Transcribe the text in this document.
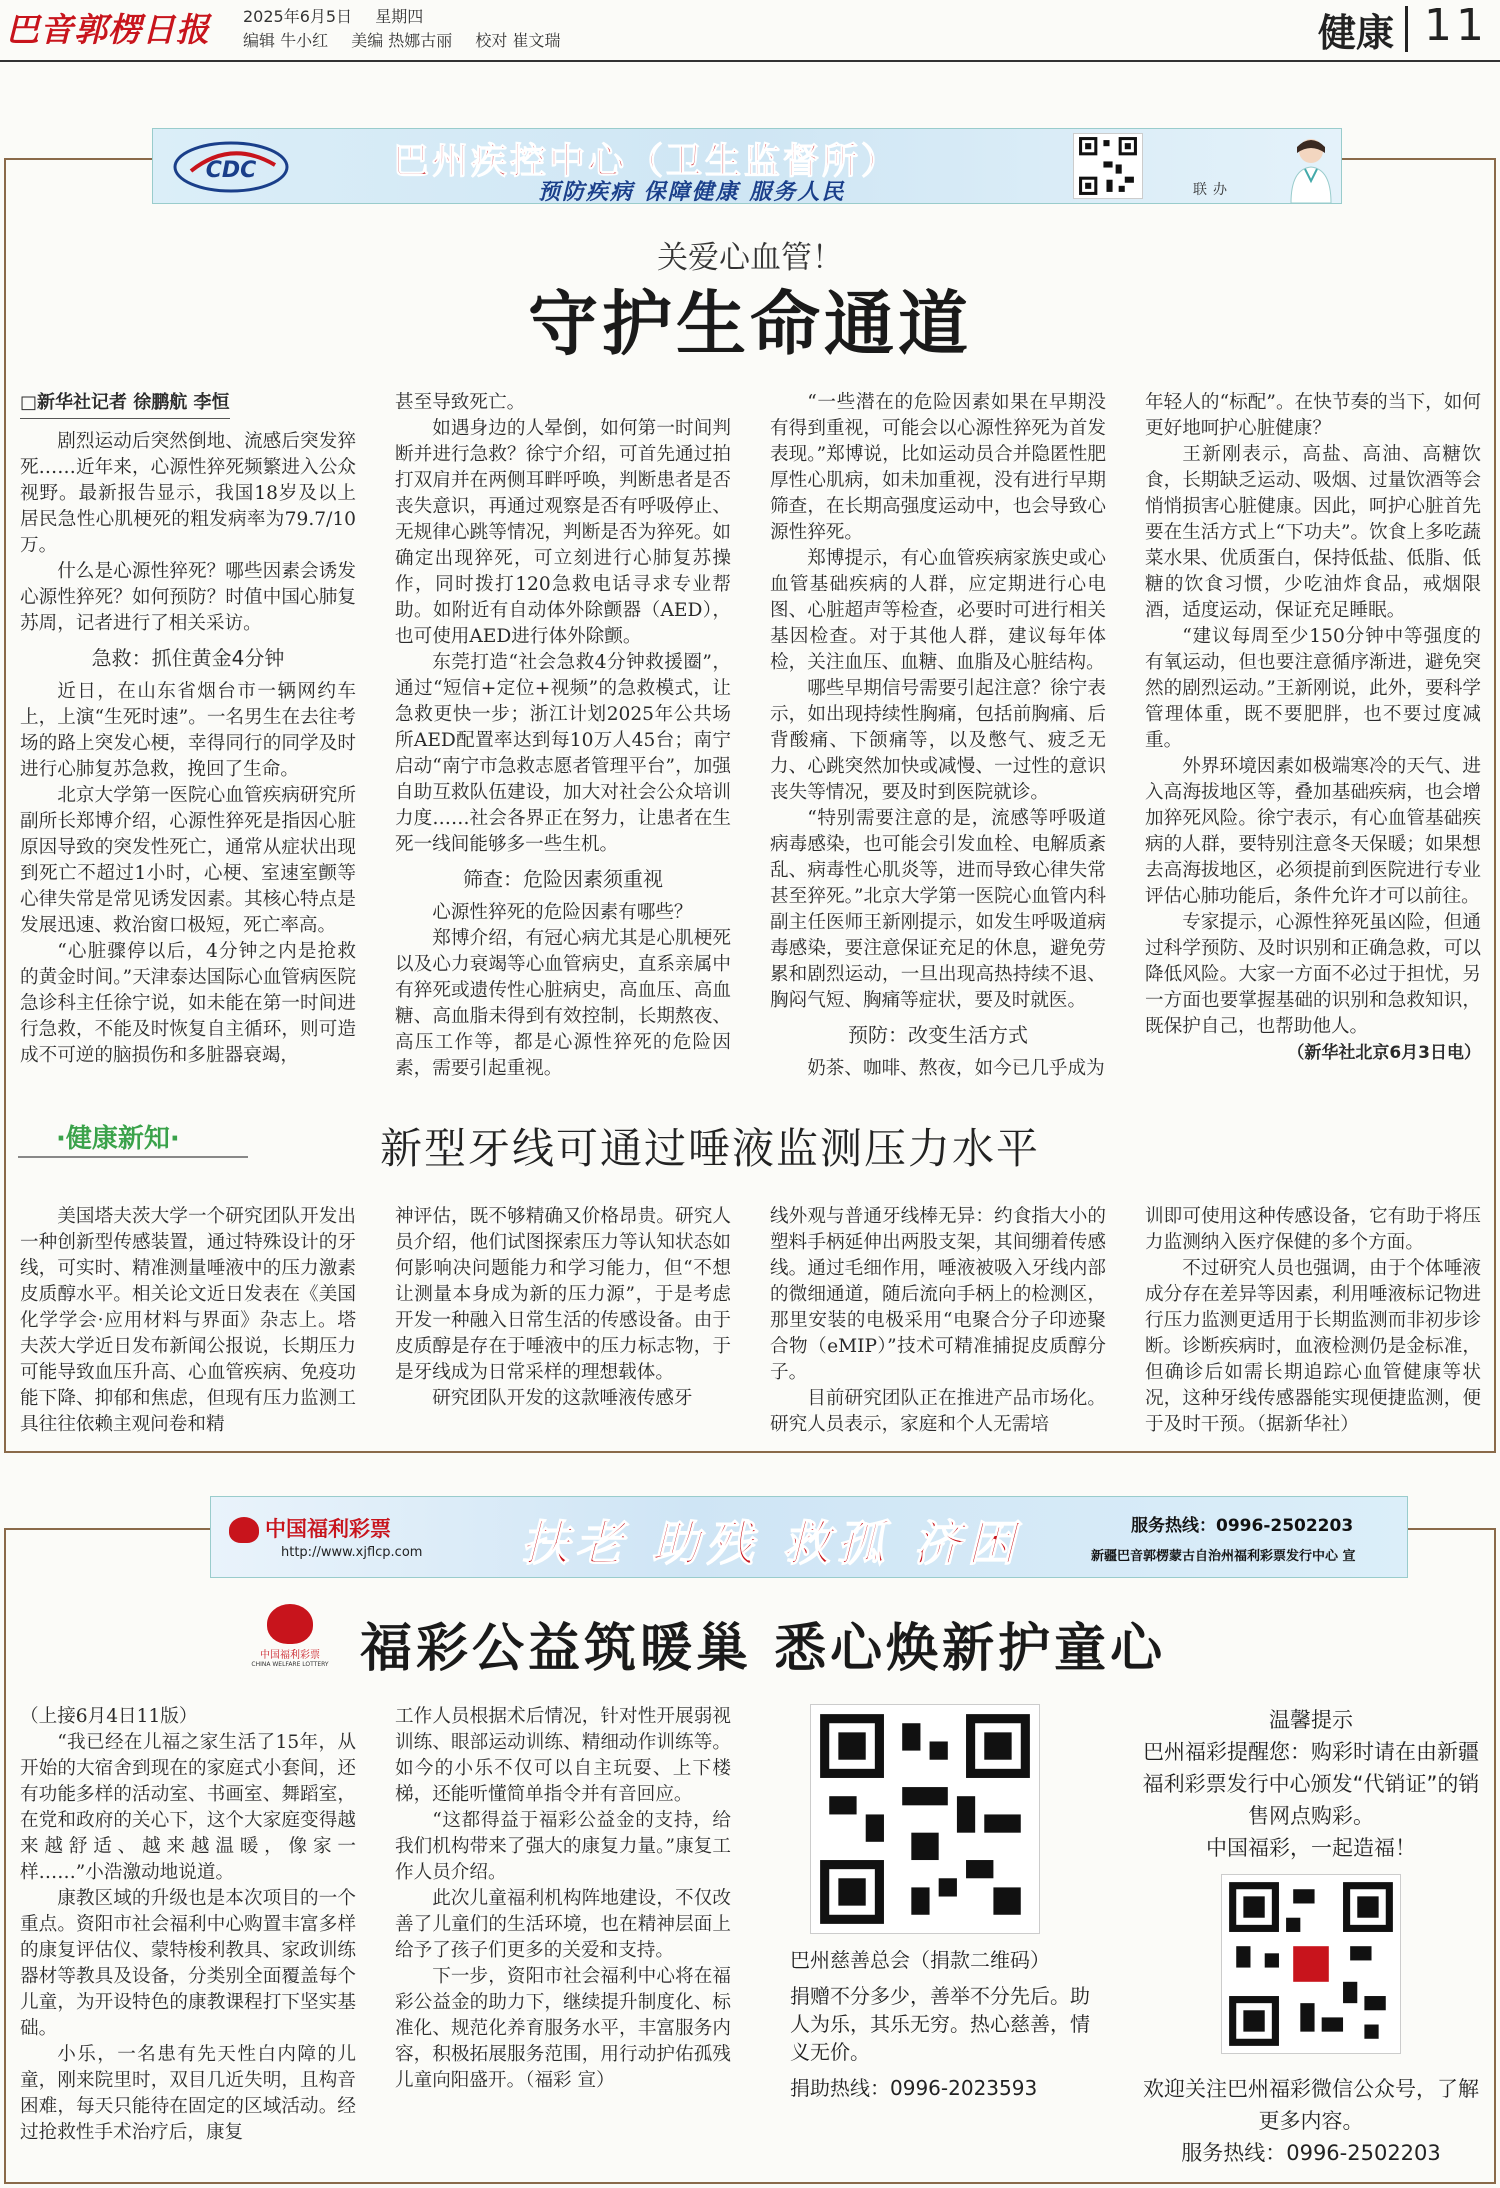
巴音郭楞日报 2025年6月5日 星期四
编辑 牛小红 美编 热娜古丽 校对 崔文瑞	健康 11
CDC	巴州疾控中心（卫生监督所）
预防疾病 保障健康 服务人民	联办
关爱心血管！
守护生命通道

□新华社记者 徐鹏航 李恒

剧烈运动后突然倒地、流感后突发猝死……近年来，心源性猝死频繁进入公众视野。最新报告显示，我国18岁及以上居民急性心肌梗死的粗发病率为79.7/10万。

什么是心源性猝死？哪些因素会诱发心源性猝死？如何预防？时值中国心肺复苏周，记者进行了相关采访。

急救：抓住黄金4分钟

近日，在山东省烟台市一辆网约车上，上演“生死时速”。一名男生在去往考场的路上突发心梗，幸得同行的同学及时进行心肺复苏急救，挽回了生命。

北京大学第一医院心血管疾病研究所副所长郑博介绍，心源性猝死是指因心脏原因导致的突发性死亡，通常从症状出现到死亡不超过1小时，心梗、室速室颤等心律失常是常见诱发因素。其核心特点是发展迅速、救治窗口极短，死亡率高。

“心脏骤停以后，4分钟之内是抢救的黄金时间。”天津泰达国际心血管病医院急诊科主任徐宁说，如未能在第一时间进行急救，不能及时恢复自主循环，则可造成不可逆的脑损伤和多脏器衰竭，

甚至导致死亡。

如遇身边的人晕倒，如何第一时间判断并进行急救？徐宁介绍，可首先通过拍打双肩并在两侧耳畔呼唤，判断患者是否丧失意识，再通过观察是否有呼吸停止、无规律心跳等情况，判断是否为猝死。如确定出现猝死，可立刻进行心肺复苏操作，同时拨打120急救电话寻求专业帮助。如附近有自动体外除颤器（AED），也可使用AED进行体外除颤。

东莞打造“社会急救4分钟救援圈”，通过“短信+定位+视频”的急救模式，让急救更快一步；浙江计划2025年公共场所AED配置率达到每10万人45台；南宁启动“南宁市急救志愿者管理平台”，加强自助互救队伍建设，加大对社会公众培训力度……社会各界正在努力，让患者在生死一线间能够多一些生机。

筛查：危险因素须重视

心源性猝死的危险因素有哪些？

郑博介绍，有冠心病尤其是心肌梗死以及心力衰竭等心血管病史，直系亲属中有猝死或遗传性心脏病史，高血压、高血糖、高血脂未得到有效控制，长期熬夜、高压工作等，都是心源性猝死的危险因素，需要引起重视。

“一些潜在的危险因素如果在早期没有得到重视，可能会以心源性猝死为首发表现。”郑博说，比如运动员合并隐匿性肥厚性心肌病，如未加重视，没有进行早期筛查，在长期高强度运动中，也会导致心源性猝死。

郑博提示，有心血管疾病家族史或心血管基础疾病的人群，应定期进行心电图、心脏超声等检查，必要时可进行相关基因检查。对于其他人群，建议每年体检，关注血压、血糖、血脂及心脏结构。

哪些早期信号需要引起注意？徐宁表示，如出现持续性胸痛，包括前胸痛、后背酸痛、下颌痛等，以及憋气、疲乏无力、心跳突然加快或减慢、一过性的意识丧失等情况，要及时到医院就诊。

“特别需要注意的是，流感等呼吸道病毒感染，也可能会引发血栓、电解质紊乱、病毒性心肌炎等，进而导致心律失常甚至猝死。”北京大学第一医院心血管内科副主任医师王新刚提示，如发生呼吸道病毒感染，要注意保证充足的休息，避免劳累和剧烈运动，一旦出现高热持续不退、胸闷气短、胸痛等症状，要及时就医。

预防：改变生活方式

奶茶、咖啡、熬夜，如今已几乎成为

年轻人的“标配”。在快节奏的当下，如何更好地呵护心脏健康？

王新刚表示，高盐、高油、高糖饮食，长期缺乏运动、吸烟、过量饮酒等会悄悄损害心脏健康。因此，呵护心脏首先要在生活方式上“下功夫”。饮食上多吃蔬菜水果、优质蛋白，保持低盐、低脂、低糖的饮食习惯，少吃油炸食品，戒烟限酒，适度运动，保证充足睡眠。

“建议每周至少150分钟中等强度的有氧运动，但也要注意循序渐进，避免突然的剧烈运动。”王新刚说，此外，要科学管理体重，既不要肥胖，也不要过度减重。

外界环境因素如极端寒冷的天气、进入高海拔地区等，叠加基础疾病，也会增加猝死风险。徐宁表示，有心血管基础疾病的人群，要特别注意冬天保暖；如果想去高海拔地区，必须提前到医院进行专业评估心肺功能后，条件允许才可以前往。

专家提示，心源性猝死虽凶险，但通过科学预防、及时识别和正确急救，可以降低风险。大家一方面不必过于担忧，另一方面也要掌握基础的识别和急救知识，既保护自己，也帮助他人。

（新华社北京6月3日电）

·健康新知·	新型牙线可通过唾液监测压力水平

美国塔夫茨大学一个研究团队开发出一种创新型传感装置，通过特殊设计的牙线，可实时、精准测量唾液中的压力激素皮质醇水平。相关论文近日发表在《美国化学学会·应用材料与界面》杂志上。塔夫茨大学近日发布新闻公报说，长期压力可能导致血压升高、心血管疾病、免疫功能下降、抑郁和焦虑，但现有压力监测工具往往依赖主观问卷和精

神评估，既不够精确又价格昂贵。研究人员介绍，他们试图探索压力等认知状态如何影响决问题能力和学习能力，但“不想让测量本身成为新的压力源”，于是考虑开发一种融入日常生活的传感设备。由于皮质醇是存在于唾液中的压力标志物，于是牙线成为日常采样的理想载体。

研究团队开发的这款唾液传感牙

线外观与普通牙线棒无异：约食指大小的塑料手柄延伸出两股支架，其间绷着传感线。通过毛细作用，唾液被吸入牙线内部的微细通道，随后流向手柄上的检测区，那里安装的电极采用“电聚合分子印迹聚合物（eMIP）”技术可精准捕捉皮质醇分子。

目前研究团队正在推进产品市场化。研究人员表示，家庭和个人无需培

训即可使用这种传感设备，它有助于将压力监测纳入医疗保健的多个方面。

不过研究人员也强调，由于个体唾液成分存在差异等因素，利用唾液标记物进行压力监测更适用于长期监测而非初步诊断。诊断疾病时，血液检测仍是金标准，但确诊后如需长期追踪心血管健康等状况，这种牙线传感器能实现便捷监测，便于及时干预。（据新华社）

中国福利彩票
http://www.xjflcp.com 扶老 助残 救孤 济困	服务热线：0996-2502203
新疆巴音郭楞蒙古自治州福利彩票发行中心 宣
中国福利彩票
CHINA WELFARE LOTTERY 福彩公益筑暖巢 悉心焕新护童心

（上接6月4日11版）

“我已经在儿福之家生活了15年，从开始的大宿舍到现在的家庭式小套间，还有功能多样的活动室、书画室、舞蹈室，在党和政府的关心下，这个大家庭变得越来越舒适、越来越温暖，像家一样……”小浩激动地说道。

康教区域的升级也是本次项目的一个重点。资阳市社会福利中心购置丰富多样的康复评估仪、蒙特梭利教具、家政训练器材等教具及设备，分类别全面覆盖每个儿童，为开设特色的康教课程打下坚实基础。

小乐，一名患有先天性白内障的儿童，刚来院里时，双目几近失明，且构音困难，每天只能待在固定的区域活动。经过抢救性手术治疗后，康复

工作人员根据术后情况，针对性开展弱视训练、眼部运动训练、精细动作训练等。如今的小乐不仅可以自主玩耍、上下楼梯，还能听懂简单指令并有音回应。

“这都得益于福彩公益金的支持，给我们机构带来了强大的康复力量。”康复工作人员介绍。

此次儿童福利机构阵地建设，不仅改善了儿童们的生活环境，也在精神层面上给予了孩子们更多的关爱和支持。

下一步，资阳市社会福利中心将在福彩公益金的助力下，继续提升制度化、标准化、规范化养育服务水平，丰富服务内容，积极拓展服务范围，用行动护佑孤残儿童向阳盛开。（福彩 宣）

巴州慈善总会（捐款二维码）

捐赠不分多少，善举不分先后。助人为乐，其乐无穷。热心慈善，情义无价。

捐助热线：0996-2023593

温馨提示
巴州福彩提醒您：购彩时请在由新疆福利彩票发行中心颁发“代销证”的销售网点购彩。
中国福彩，一起造福！
欢迎关注巴州福彩微信公众号，了解更多内容。
服务热线：0996-2502203
